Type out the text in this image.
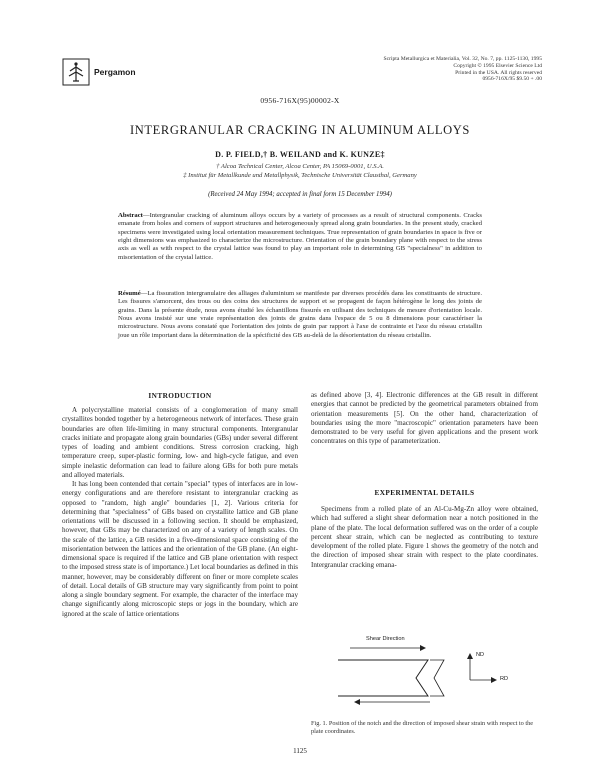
Pergamon
Scripta Metallurgica et Materialia, Vol. 32, No. 7, pp. 1125-1130, 1995
Copyright © 1995 Elsevier Science Ltd
Printed in the USA. All rights reserved
0956-716X/95 $9.50 + .00
0956-716X(95)00002-X
INTERGRANULAR CRACKING IN ALUMINUM ALLOYS
D. P. FIELD,† B. WEILAND and K. KUNZE‡
† Alcoa Technical Center, Alcoa Center, PA 15069-0001, U.S.A.
‡ Institut für Metallkunde und Metallphysik, Technische Universität Clausthal, Germany
(Received 24 May 1994; accepted in final form 15 December 1994)
Abstract—Intergranular cracking of aluminum alloys occurs by a variety of processes as a result of structural components. Cracks emanate from holes and corners of support structures and heterogeneously spread along grain boundaries. In the present study, cracked specimens were investigated using local orientation measurement techniques. True representation of grain boundaries in space is five or eight dimensions was emphasized to characterize the microstructure. Orientation of the grain boundary plane with respect to the stress axis as well as with respect to the crystal lattice was found to play an important role in determining GB "specialness" in addition to misorientation of the crystal lattice.
Résumé—La fissuration intergranulaire des alliages d'aluminium se manifeste par diverses procédés dans les constituants de structure. Les fissures s'amorcent, des trous ou des coins des structures de support et se propagent de façon hétérogène le long des joints de grains. Dans la présente étude, nous avons étudié les échantillons fissurés en utilisant des techniques de mesure d'orientation locale. Nous avons insisté sur une vraie représentation des joints de grains dans l'espace de 5 ou 8 dimensions pour caractériser la microstructure. Nous avons constaté que l'orientation des joints de grain par rapport à l'axe de contrainte et l'axe du réseau cristallin joue un rôle important dans la détermination de la spécificité des GB au-delà de la désorientation du réseau cristallin.
INTRODUCTION

A polycrystalline material consists of a conglomeration of many small crystallites bonded together by a heterogeneous network of interfaces. These grain boundaries are often life-limiting in many structural components. Intergranular cracks initiate and propagate along grain boundaries (GBs) under several different types of loading and ambient conditions. Stress corrosion cracking, high temperature creep, super-plastic forming, low- and high-cycle fatigue, and even simple inelastic deformation can lead to failure along GBs for both pure metals and alloyed materials.

It has long been contended that certain "special" types of interfaces are in low-energy configurations and are therefore resistant to intergranular cracking as opposed to "random, high angle" boundaries [1, 2]. Various criteria for determining that "specialness" of GBs based on crystallite lattice and GB plane orientations will be discussed in a following section. It should be emphasized, however, that GBs may be characterized on any of a variety of length scales. On the scale of the lattice, a GB resides in a five-dimensional space consisting of the misorientation between the lattices and the orientation of the GB plane. (An eight-dimensional space is required if the lattice and GB plane orientation with respect to the imposed stress state is of importance.) Let local boundaries as defined in this manner, however, may be considerably different on finer or more complete scales of detail. Local details of GB structure may vary significantly from point to point along a single boundary segment. For example, the character of the interface may change significantly along microscopic steps or jogs in the boundary, which are ignored at the scale of lattice orientations

as defined above [3, 4]. Electronic differences at the GB result in different energies that cannot be predicted by the geometrical parameters obtained from orientation measurements [5]. On the other hand, characterization of boundaries using the more "macroscopic" orientation parameters have been demonstrated to be very useful for given applications and the present work concentrates on this type of parameterization.

EXPERIMENTAL DETAILS

Specimens from a rolled plate of an Al-Cu-Mg-Zn alloy were obtained, which had suffered a slight shear deformation near a notch positioned in the plane of the plate. The local deformation suffered was on the order of a couple percent shear strain, which can be neglected as contributing to texture development of the rolled plate. Figure 1 shows the geometry of the notch and the direction of imposed shear strain with respect to the plate coordinates. Intergranular cracking emana-

Shear Direction
ND
RD
Fig. 1. Position of the notch and the direction of imposed shear strain with respect to the plate coordinates.
1125
